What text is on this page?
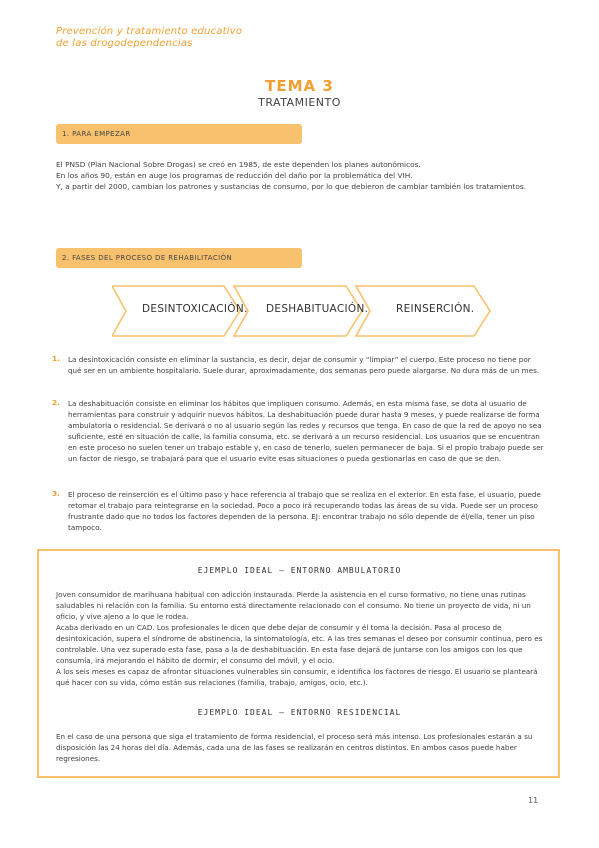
Prevención y tratamiento educativo
de las drogodependencias
TEMA 3
TRATAMIENTO
1. PARA EMPEZAR

El PNSD (Plan Nacional Sobre Drogas) se creó en 1985, de este dependen los planes autonómicos.

En los años 90, están en auge los programas de reducción del daño por la problemática del VIH.

Y, a partir del 2000, cambian los patrones y sustancias de consumo, por lo que debieron de cambiar también los tratamientos.

2. FASES DEL PROCESO DE REHABILITACIÓN
DESINTOXICACIÓN. DESHABITUACIÓN.	REINSERCIÓN.
1. La desintoxicación consiste en eliminar la sustancia, es decir, dejar de consumir y “limpiar” el cuerpo. Este proceso no tiene por qué ser en un ambiente hospitalario. Suele durar, aproximadamente, dos semanas pero puede alargarse. No dura más de un mes.
2. La deshabituación consiste en eliminar los hábitos que impliquen consumo. Además, en esta misma fase, se dota al usuario de herramientas para construir y adquirir nuevos hábitos. La deshabituación puede durar hasta 9 meses, y puede realizarse de forma ambulatoria o residencial. Se derivará o no al usuario según las redes y recursos que tenga. En caso de que la red de apoyo no sea suficiente, esté en situación de calle, la familia consuma, etc. se derivará a un recurso residencial. Los usuarios que se encuentran en este proceso no suelen tener un trabajo estable y, en caso de tenerlo, suelen permanecer de baja. Si el propio trabajo puede ser un factor de riesgo, se trabajará para que el usuario evite esas situaciones o pueda gestionarlas en caso de que se den.
3. El proceso de reinserción es el último paso y hace referencia al trabajo que se realiza en el exterior. En esta fase, el usuario, puede retomar el trabajo para reintegrarse en la sociedad. Poco a poco irá recuperando todas las áreas de su vida. Puede ser un proceso frustrante dado que no todos los factores dependen de la persona. EJ: encontrar trabajo no sólo depende de él/ella, tener un piso tampoco.
EJEMPLO IDEAL — ENTORNO AMBULATORIO

Joven consumidor de marihuana habitual con adicción instaurada. Pierde la asistencia en el curso formativo, no tiene unas rutinas saludables ni relación con la familia. Su entorno está directamente relacionado con el consumo. No tiene un proyecto de vida, ni un oficio, y vive ajeno a lo que le rodea.

Acaba derivado en un CAD. Los profesionales le dicen que debe dejar de consumir y él toma la decisión. Pasa al proceso de desintoxicación, supera el síndrome de abstinencia, la sintomatología, etc. A las tres semanas el deseo por consumir continua, pero es controlable. Una vez superado esta fase, pasa a la de deshabituación. En esta fase dejará de juntarse con los amigos con los que consumía, irá mejorando el hábito de dormir, el consumo del móvil, y el ocio.

A los seis meses es capaz de afrontar situaciones vulnerables sin consumir, e identifica los factores de riesgo. El usuario se planteará qué hacer con su vida, cómo están sus relaciones (familia, trabajo, amigos, ocio, etc.).

EJEMPLO IDEAL — ENTORNO RESIDENCIAL

En el caso de una persona que siga el tratamiento de forma residencial, el proceso será más intenso. Los profesionales estarán a su disposición las 24 horas del día. Además, cada una de las fases se realizarán en centros distintos. En ambos casos puede haber regresiones.

11
